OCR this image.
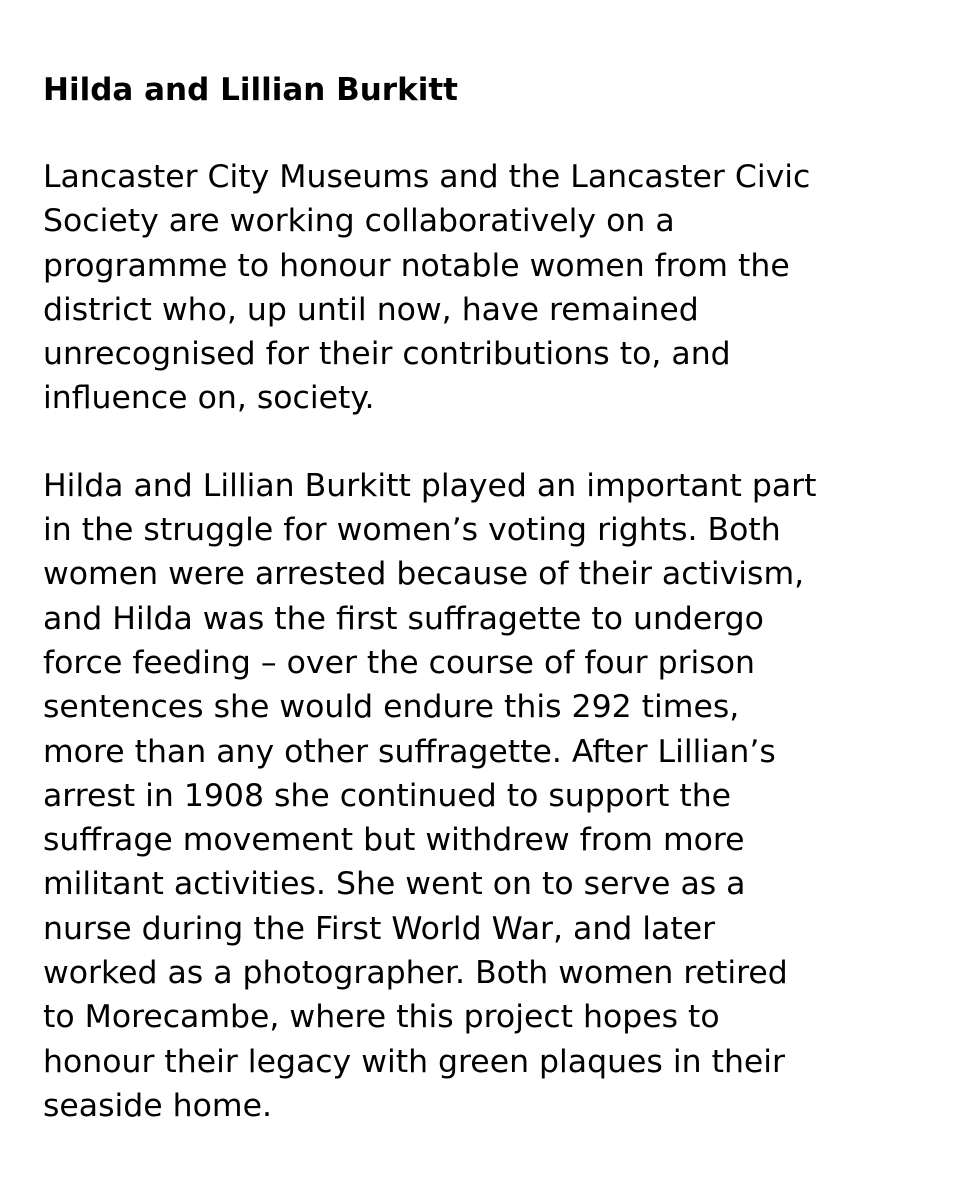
Hilda and Lillian Burkitt

Lancaster City Museums and the Lancaster Civic
Society are working collaboratively on a
programme to honour notable women from the
district who, up until now, have remained
unrecognised for their contributions to, and
influence on, society.

Hilda and Lillian Burkitt played an important part
in the struggle for women’s voting rights. Both
women were arrested because of their activism,
and Hilda was the first suffragette to undergo
force feeding – over the course of four prison
sentences she would endure this 292 times,
more than any other suffragette. After Lillian’s
arrest in 1908 she continued to support the
suffrage movement but withdrew from more
militant activities. She went on to serve as a
nurse during the First World War, and later
worked as a photographer. Both women retired
to Morecambe, where this project hopes to
honour their legacy with green plaques in their
seaside home.
